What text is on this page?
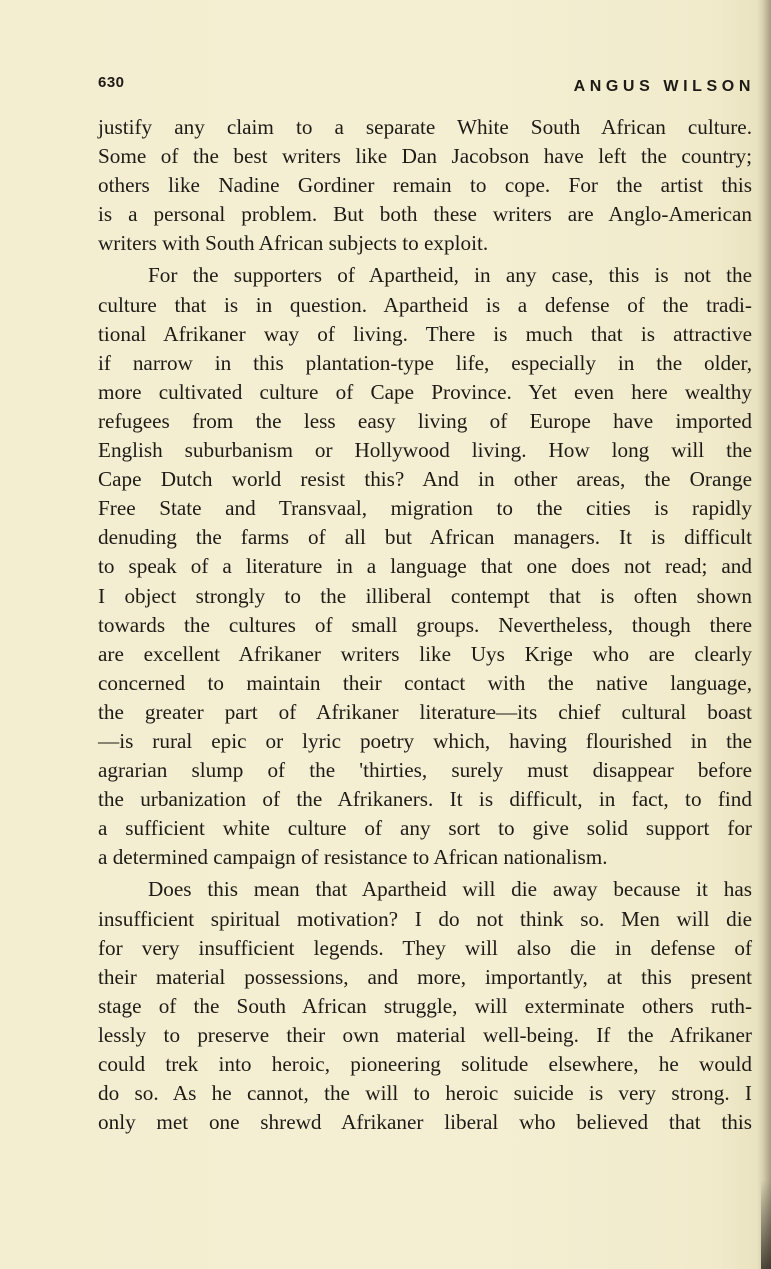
630	ANGUS WILSON
justify any claim to a separate White South African culture.
Some of the best writers like Dan Jacobson have left the country;
others like Nadine Gordiner remain to cope. For the artist this
is a personal problem. But both these writers are Anglo-American
writers with South African subjects to exploit.
For the supporters of Apartheid, in any case, this is not the
culture that is in question. Apartheid is a defense of the tradi-
tional Afrikaner way of living. There is much that is attractive
if narrow in this plantation-type life, especially in the older,
more cultivated culture of Cape Province. Yet even here wealthy
refugees from the less easy living of Europe have imported
English suburbanism or Hollywood living. How long will the
Cape Dutch world resist this? And in other areas, the Orange
Free State and Transvaal, migration to the cities is rapidly
denuding the farms of all but African managers. It is difficult
to speak of a literature in a language that one does not read; and
I object strongly to the illiberal contempt that is often shown
towards the cultures of small groups. Nevertheless, though there
are excellent Afrikaner writers like Uys Krige who are clearly
concerned to maintain their contact with the native language,
the greater part of Afrikaner literature—its chief cultural boast
—is rural epic or lyric poetry which, having flourished in the
agrarian slump of the 'thirties, surely must disappear before
the urbanization of the Afrikaners. It is difficult, in fact, to find
a sufficient white culture of any sort to give solid support for
a determined campaign of resistance to African nationalism.
Does this mean that Apartheid will die away because it has
insufficient spiritual motivation? I do not think so. Men will die
for very insufficient legends. They will also die in defense of
their material possessions, and more, importantly, at this present
stage of the South African struggle, will exterminate others ruth-
lessly to preserve their own material well-being. If the Afrikaner
could trek into heroic, pioneering solitude elsewhere, he would
do so. As he cannot, the will to heroic suicide is very strong. I
only met one shrewd Afrikaner liberal who believed that this
